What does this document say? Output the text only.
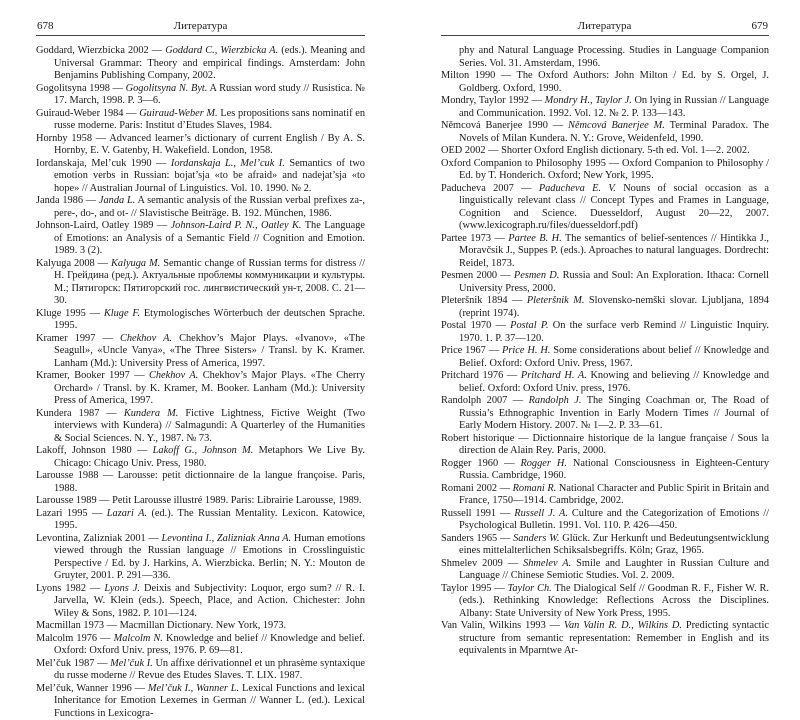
678	Литература

Goddard, Wierzbicka 2002 — Goddard C., Wierzbicka A. (eds.). Meaning and Universal Grammar: Theory and empirical findings. Amsterdam: John Benjamins Publishing Company, 2002.

Gogolitsyna 1998 — Gogolitsyna N. Byt. A Russian word study // Rusistica. № 17. March, 1998. P. 3—6.

Guiraud-Weber 1984 — Guiraud-Weber M. Les propositions sans nominatif en russe moderne. Paris: Institut d’Etudes Slaves, 1984.

Hornby 1958 — Advanced learner’s dictionary of current English / By A. S. Hornby, E. V. Gatenby, H. Wakefield. London, 1958.

Iordanskaja, Mel’cuk 1990 — Iordanskaja L., Mel’cuk I. Semantics of two emotion verbs in Russian: bojat’sja «to be afraid» and nadejat’sja «to hope» // Australian Journal of Linguistics. Vol. 10. 1990. № 2.

Janda 1986 — Janda L. A semantic analysis of the Russian verbal prefixes za-, pere-, do-, and ot- // Slavistische Beiträge. B. 192. München, 1986.

Johnson-Laird, Oatley 1989 — Johnson-Laird P. N., Oatley K. The Language of Emotions: an Analysis of a Semantic Field // Cognition and Emotion. 1989. 3 (2).

Kalyuga 2008 — Kalyuga M. Semantic change of Russian terms for distress // Н. Грейдина (ред.). Актуальные проблемы коммуникации и культуры. М.; Пятигорск: Пятигорский гос. лингвистический ун-т, 2008. С. 21—30.

Kluge 1995 — Kluge F. Etymologisches Wörterbuch der deutschen Sprache. 1995.

Kramer 1997 — Chekhov A. Chekhov’s Major Plays. «Ivanov», «The Seagull», «Uncle Vanya», «The Three Sisters» / Transl. by K. Kramer. Lanham (Md.): University Press of America, 1997.

Kramer, Booker 1997 — Chekhov A. Chekhov’s Major Plays. «The Cherry Orchard» / Transl. by K. Kramer, M. Booker. Lanham (Md.): University Press of America, 1997.

Kundera 1987 — Kundera M. Fictive Lightness, Fictive Weight (Two interviews with Kundera) // Salmagundi: A Quarterley of the Humanities & Social Sciences. N. Y., 1987. № 73.

Lakoff, Johnson 1980 — Lakoff G., Johnson M. Metaphors We Live By. Chicago: Chicago Univ. Press, 1980.

Larousse 1988 — Larousse: petit dictionnaire de la langue françoise. Paris, 1988.

Larousse 1989 — Petit Larousse illustré 1989. Paris: Librairie Larousse, 1989.

Lazari 1995 — Lazari A. (ed.). The Russian Mentality. Lexicon. Katowice, 1995.

Levontina, Zalizniak 2001 — Levontina I., Zalizniak Anna A. Human emotions viewed through the Russian language // Emotions in Crosslinguistic Perspective / Ed. by J. Harkins, A. Wierzbicka. Berlin; N. Y.: Mouton de Gruyter, 2001. P. 291—336.

Lyons 1982 — Lyons J. Deixis and Subjectivity: Loquor, ergo sum? // R. I. Jarvella, W. Klein (eds.). Speech, Place, and Action. Chichester: John Wiley & Sons, 1982. P. 101—124.

Macmillan 1973 — Macmillan Dictionary. New York, 1973.

Malcolm 1976 — Malcolm N. Knowledge and belief // Knowledge and belief. Oxford: Oxford Univ. press, 1976. P. 69—81.

Mel’čuk 1987 — Mel’čuk I. Un affixe dérivationnel et un phrasème syntaxique du russe moderne // Revue des Etudes Slaves. T. LIX. 1987.

Mel’čuk, Wanner 1996 — Mel’čuk I., Wanner L. Lexical Functions and lexical Inheritance for Emotion Lexemes in German // Wanner L. (ed.). Lexical Functions in Lexicogra-

Литература	679

phy and Natural Language Processing. Studies in Language Companion Series. Vol. 31. Amsterdam, 1996.

Milton 1990 — The Oxford Authors: John Milton / Ed. by S. Orgel, J. Goldberg. Oxford, 1990.

Mondry, Taylor 1992 — Mondry H., Taylor J. On lying in Russian // Language and Communication. 1992. Vol. 12. № 2. P. 133—143.

Němcová Banerjee 1990 — Němcová Banerjee M. Terminal Paradox. The Novels of Milan Kundera. N. Y.: Grove, Weidenfeld, 1990.

OED 2002 — Shorter Oxford English dictionary. 5-th ed. Vol. 1—2. 2002.

Oxford Companion to Philosophy 1995 — Oxford Companion to Philosophy / Ed. by T. Honderich. Oxford; New York, 1995.

Paducheva 2007 — Paducheva E. V. Nouns of social occasion as a linguistically relevant class // Concept Types and Frames in Language, Cognition and Science. Duesseldorf, August 20—22, 2007. (www.lexicograph.ru/files/duesseldorf.pdf)

Partee 1973 — Partee B. H. The semantics of belief-sentences // Hintikka J., Moravčsik J., Suppes P. (eds.). Aproaches to natural languages. Dordrecht: Reidel, 1873.

Pesmen 2000 — Pesmen D. Russia and Soul: An Exploration. Ithaca: Cornell University Press, 2000.

Pleteršnik 1894 — Pleteršnik M. Slovensko-nemški slovar. Ljubljana, 1894 (reprint 1974).

Postal 1970 — Postal P. On the surface verb Remind // Linguistic Inquiry. 1970. 1. P. 37—120.

Price 1967 — Price H. H. Some considerations about belief // Knowledge and Belief. Oxford: Oxford Univ. Press, 1967.

Pritchard 1976 — Pritchard H. A. Knowing and believing // Knowledge and belief. Oxford: Oxford Univ. press, 1976.

Randolph 2007 — Randolph J. The Singing Coachman or, The Road of Russia’s Ethnographic Invention in Early Modern Times // Journal of Early Modern History. 2007. № 1—2. P. 33—61.

Robert historique — Dictionnaire historique de la langue française / Sous la direction de Alain Rey. Paris, 2000.

Rogger 1960 — Rogger H. National Consciousness in Eighteen-Century Russia. Cambridge, 1960.

Romani 2002 — Romani R. National Character and Public Spirit in Britain and France, 1750—1914. Cambridge, 2002.

Russell 1991 — Russell J. A. Culture and the Categorization of Emotions // Psychological Bulletin. 1991. Vol. 110. P. 426—450.

Sanders 1965 — Sanders W. Glück. Zur Herkunft und Bedeutungsentwicklung eines mittelalterlichen Schiksalsbegriffs. Köln; Graz, 1965.

Shmelev 2009 — Shmelev A. Smile and Laughter in Russian Culture and Language // Chinese Semiotic Studies. Vol. 2. 2009.

Taylor 1995 — Taylor Ch. The Dialogical Self // Goodman R. F., Fisher W. R. (eds.). Rethinking Knowledge: Reflections Across the Disciplines. Albany: State University of New York Press, 1995.

Van Valin, Wilkins 1993 — Van Valin R. D., Wilkins D. Predicting syntactic structure from semantic representation: Remember in English and its equivalents in Mparntwe Ar-
